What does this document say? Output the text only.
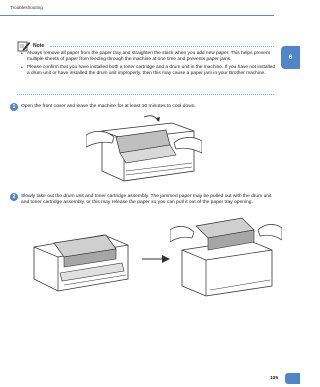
Troubleshooting
6
Note
• Always remove all paper from the paper tray and straighten the stack when you add new paper. This helps prevent multiple sheets of paper from feeding through the machine at one time and prevents paper jams.
• Please confirm that you have installed both a toner cartridge and a drum unit in the machine. If you have not installed a drum unit or have installed the drum unit improperly, then this may cause a paper jam in your Brother machine.
1	Open the front cover and leave the machine for at least 10 minutes to cool down.
2	Slowly take out the drum unit and toner cartridge assembly. The jammed paper may be pulled out with the drum unit and toner cartridge assembly, or this may release the paper so you can pull it out of the paper tray opening.
105
